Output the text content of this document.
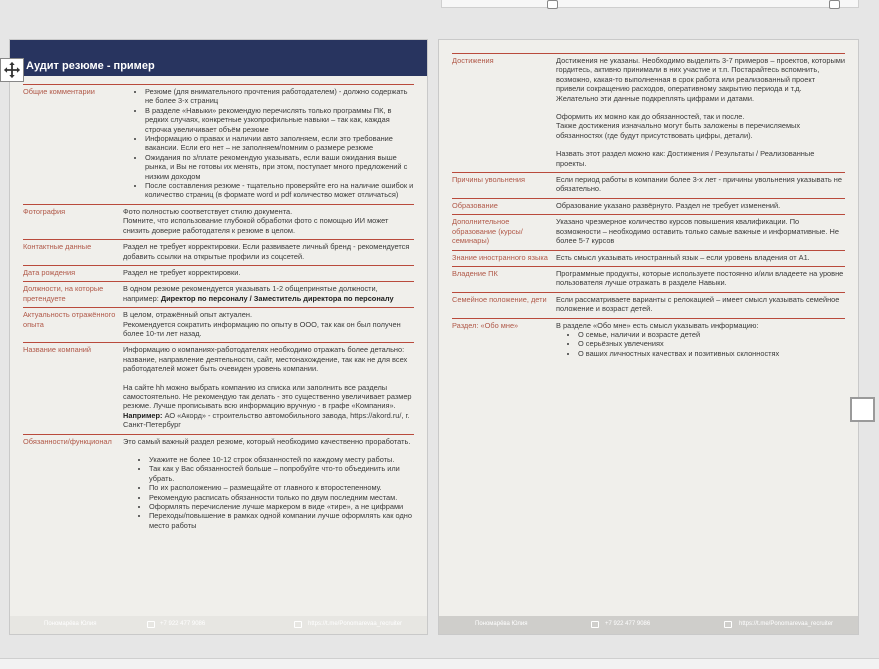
Аудит резюме - пример
Общие комментарии
•	Резюме (для внимательного прочтения работодателем) - должно содержать не более 3-х страниц
• В разделе «Навыки» рекомендую перечислять только программы ПК, в редких случаях, конкретные узкопрофильные навыки – так как, каждая строчка увеличивает объём резюме
• Информацию о правах и наличии авто заполняем, если это требование вакансии. Если его нет – не заполняем/помним о размере резюме
• Ожидания по з/плате рекомендую указывать, если ваши ожидания выше рынка, и Вы не готовы их менять, при этом, поступает много предложений с низким доходом
• После составления резюме - тщательно проверяйте его на наличие ошибок и количество страниц (в формате word и pdf количество может отличаться)
Фотография	Фото полностью соответствует стилю документа.

Помните, что использование глубокой обработки фото с помощью ИИ может снизить доверие работодателя к резюме в целом.

Контактные данные	Раздел не требует корректировки. Если развиваете личный бренд - рекомендуется добавить ссылки на открытые профили из соцсетей.

Дата рождения	Раздел не требует корректировки.

Должности, на которые претендуете

В одном резюме рекомендуется указывать 1-2 общепринятые должности, например: Директор по персоналу / Заместитель директора по персоналу

Актуальность отражённого опыта

В целом, отражённый опыт актуален.

Рекомендуется сократить информацию по опыту в ООО, так как он был получен более 10-ти лет назад.

Название компаний	Информацию о компаниях-работодателях необходимо отражать более детально: название, направление деятельности, сайт, местонахождение, так как не для всех работодателей может быть очевиден уровень компании.

На сайте hh можно выбрать компанию из списка или заполнить все разделы самостоятельно. Не рекомендую так делать - это существенно увеличивает размер резюме. Лучше прописывать всю информацию вручную - в графе «Компания».

Например: АО «Акорд» - строительство автомобильного завода, https://akord.ru/, г. Санкт-Петербург

Обязанности/функционал	Это самый важный раздел резюме, который необходимо качественно проработать.

• Укажите не более 10-12 строк обязанностей по каждому месту работы.
• Так как у Вас обязанностей больше – попробуйте что-то объединить или убрать.
• По их расположению – размещайте от главного к второстепенному.
• Рекомендую расписать обязанности только по двум последним местам.
• Оформлять перечисление лучше маркером в виде «тире», а не цифрами
• Переходы/повышение в рамках одной компании лучше оформлять как одно место работы
Пономарёва Юлия	+7 922 477 9086	https://t.me/Ponomarevaa_recruiter
Достижения	Достижения не указаны. Необходимо выделить 3-7 примеров – проектов, которыми гордитесь, активно принимали в них участие и т.п. Постарайтесь вспомнить, возможно, какая-то выполненная в срок работа или реализованный проект привели сокращению расходов, оперативному закрытию периода и т.д. Желательно эти данные подкреплять цифрами и датами.

Оформить их можно как до обязанностей, так и после.

Также достижения изначально могут быть заложены в перечисляемых обязанностях (где будут присутствовать цифры, детали).

Назвать этот раздел можно как: Достижения / Результаты / Реализованные проекты.

Причины увольнения	Если период работы в компании более 3-х лет - причины увольнения указывать не обязательно.

Образование	Образование указано развёрнуто. Раздел не требует изменений.

Дополнительное образование (курсы/семинары)

Указано чрезмерное количество курсов повышения квалификации. По возможности – необходимо оставить только самые важные и информативные. Не более 5-7 курсов

Знание иностранного языка	Есть смысл указывать иностранный язык – если уровень владения от А1.

Владение ПК	Программные продукты, которые используете постоянно и/или владеете на уровне пользователя лучше отражать в разделе Навыки.

Семейное положение, дети	Если рассматриваете варианты с релокацией – имеет смысл указывать семейное положение и возраст детей.

Раздел: «Обо мне»	В разделе «Обо мне» есть смысл указывать информацию:

• О семье, наличии и возрасте детей
• О серьёзных увлечениях
• О ваших личностных качествах и позитивных склонностях
Пономарёва Юлия	+7 922 477 9086	https://t.me/Ponomarevaa_recruiter
